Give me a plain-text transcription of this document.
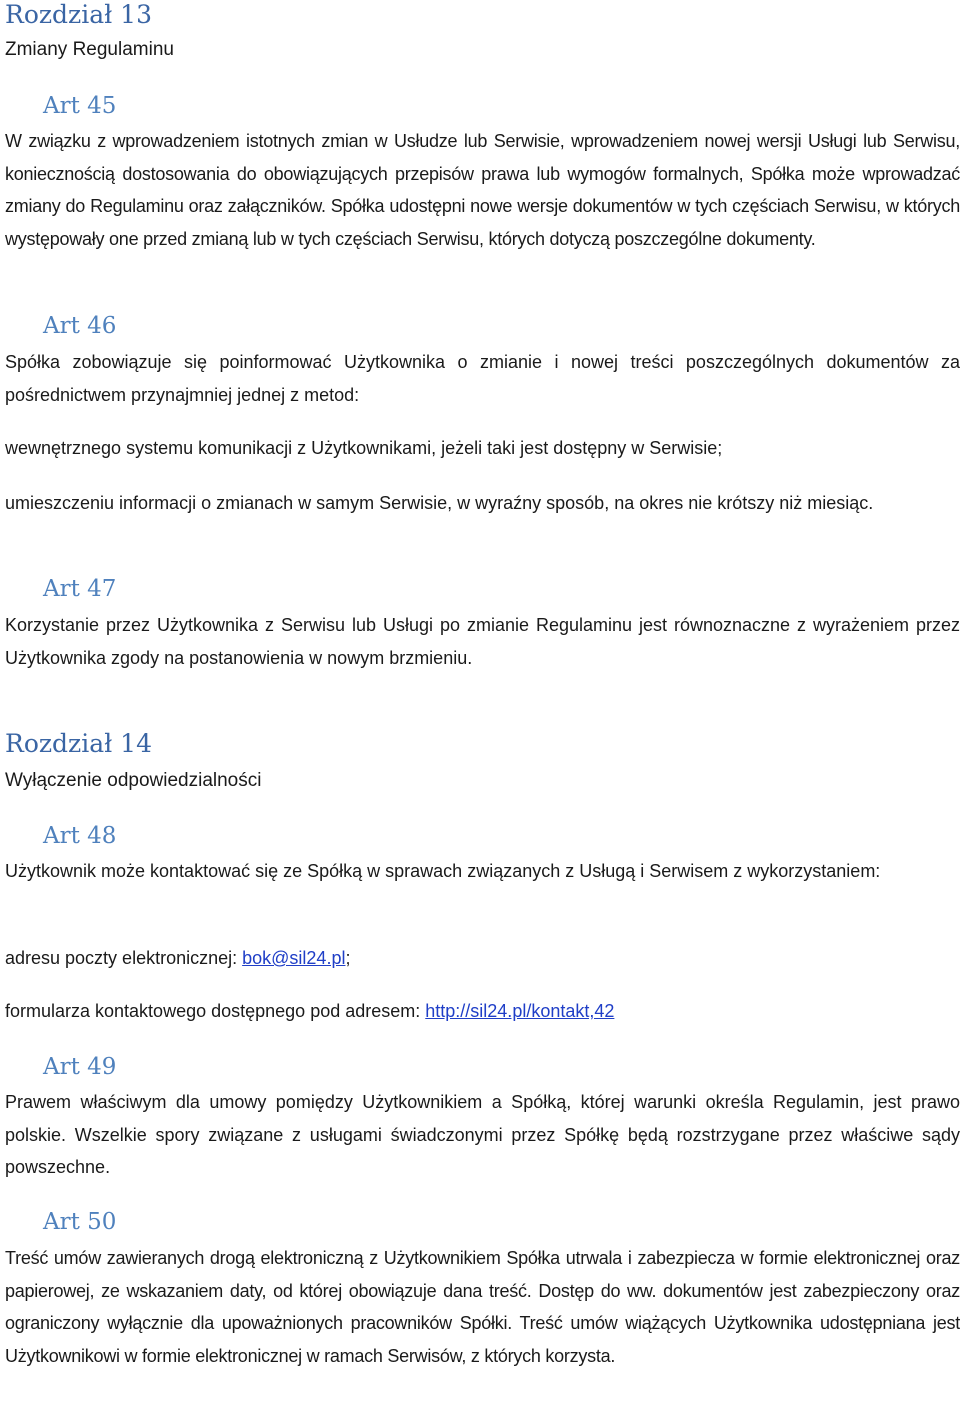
Rozdział 13
Zmiany Regulaminu
Art 45

W związku z wprowadzeniem istotnych zmian w Usłudze lub Serwisie, wprowadzeniem nowej wersji Usługi lub Serwisu, koniecznością dostosowania do obowiązujących przepisów prawa lub wymogów formalnych, Spółka może wprowadzać zmiany do Regulaminu oraz załączników. Spółka udostępni nowe wersje dokumentów w tych częściach Serwisu, w których występowały one przed zmianą lub w tych częściach Serwisu, których dotyczą poszczególne dokumenty.

Art 46

Spółka zobowiązuje się poinformować Użytkownika o zmianie i nowej treści poszczególnych dokumentów za pośrednictwem przynajmniej jednej z metod:

wewnętrznego systemu komunikacji z Użytkownikami, jeżeli taki jest dostępny w Serwisie;

umieszczeniu informacji o zmianach w samym Serwisie, w wyraźny sposób, na okres nie krótszy niż miesiąc.

Art 47

Korzystanie przez Użytkownika z Serwisu lub Usługi po zmianie Regulaminu jest równoznaczne z wyrażeniem przez Użytkownika zgody na postanowienia w nowym brzmieniu.

Rozdział 14
Wyłączenie odpowiedzialności
Art 48

Użytkownik może kontaktować się ze Spółką w sprawach związanych z Usługą i Serwisem z wykorzystaniem:

adresu poczty elektronicznej: bok@sil24.pl;

formularza kontaktowego dostępnego pod adresem: http://sil24.pl/kontakt,42

Art 49

Prawem właściwym dla umowy pomiędzy Użytkownikiem a Spółką, której warunki określa Regulamin, jest prawo polskie. Wszelkie spory związane z usługami świadczonymi przez Spółkę będą rozstrzygane przez właściwe sądy powszechne.

Art 50

Treść umów zawieranych drogą elektroniczną z Użytkownikiem Spółka utrwala i zabezpiecza w formie elektronicznej oraz papierowej, ze wskazaniem daty, od której obowiązuje dana treść. Dostęp do ww. dokumentów jest zabezpieczony oraz ograniczony wyłącznie dla upoważnionych pracowników Spółki. Treść umów wiążących Użytkownika udostępniana jest Użytkownikowi w formie elektronicznej w ramach Serwisów, z których korzysta.
